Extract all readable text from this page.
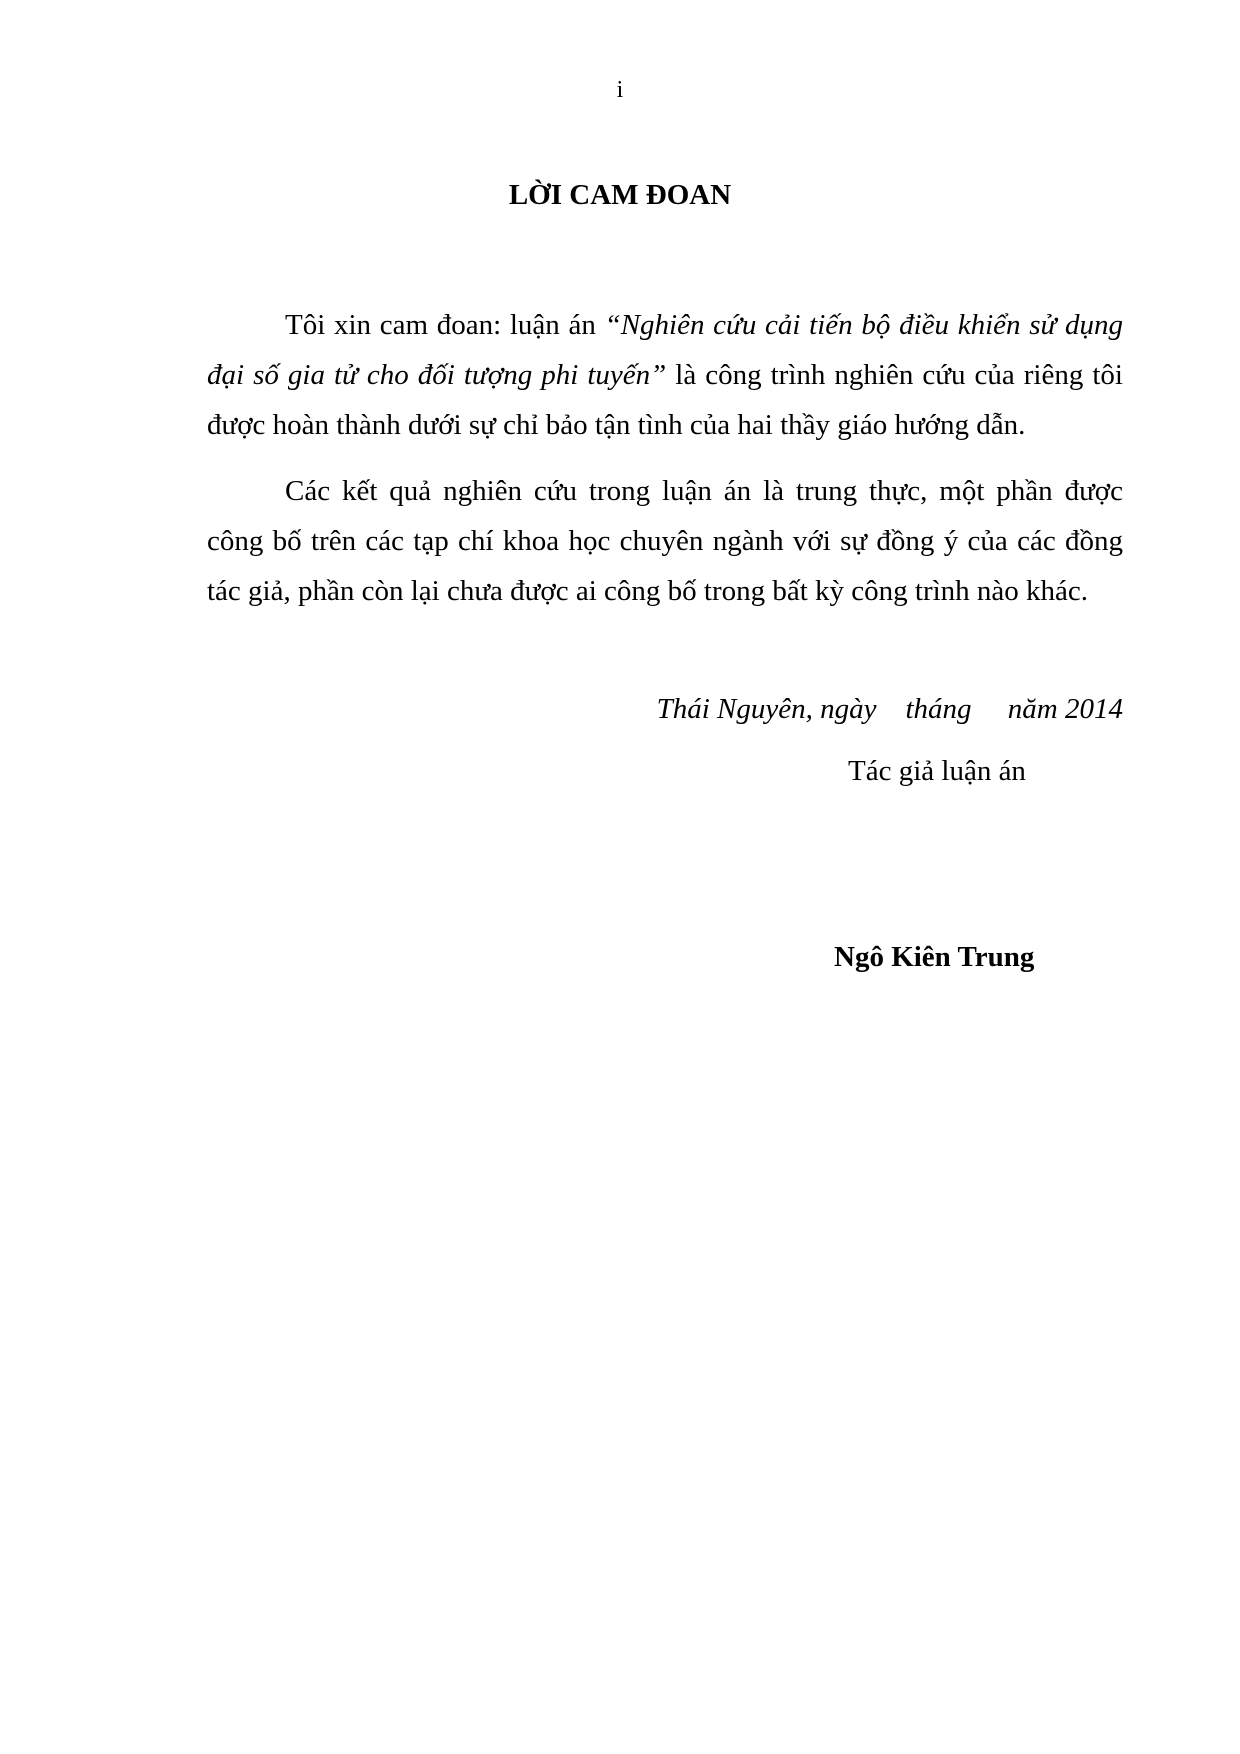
i
LỜI CAM ĐOAN

Tôi xin cam đoan: luận án “Nghiên cứu cải tiến bộ điều khiển sử dụng đại số gia tử cho đối tượng phi tuyến” là công trình nghiên cứu của riêng tôi được hoàn thành dưới sự chỉ bảo tận tình của hai thầy giáo hướng dẫn.

Các kết quả nghiên cứu trong luận án là trung thực, một phần được công bố trên các tạp chí khoa học chuyên ngành với sự đồng ý của các đồng tác giả, phần còn lại chưa được ai công bố trong bất kỳ công trình nào khác.

Thái Nguyên, ngày    tháng     năm 2014
Tác giả luận án
Ngô Kiên Trung
